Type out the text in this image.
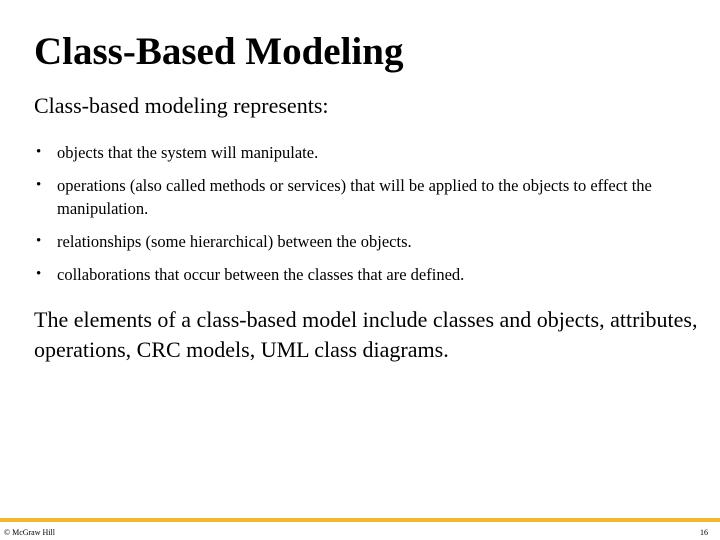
Class-Based Modeling
Class-based modeling represents:
• objects that the system will manipulate.
• operations (also called methods or services) that will be applied to the objects to effect the manipulation.
• relationships (some hierarchical) between the objects.
• collaborations that occur between the classes that are defined.
The elements of a class-based model include classes and objects, attributes, operations, CRC models, UML class diagrams.
© McGraw Hill	16
